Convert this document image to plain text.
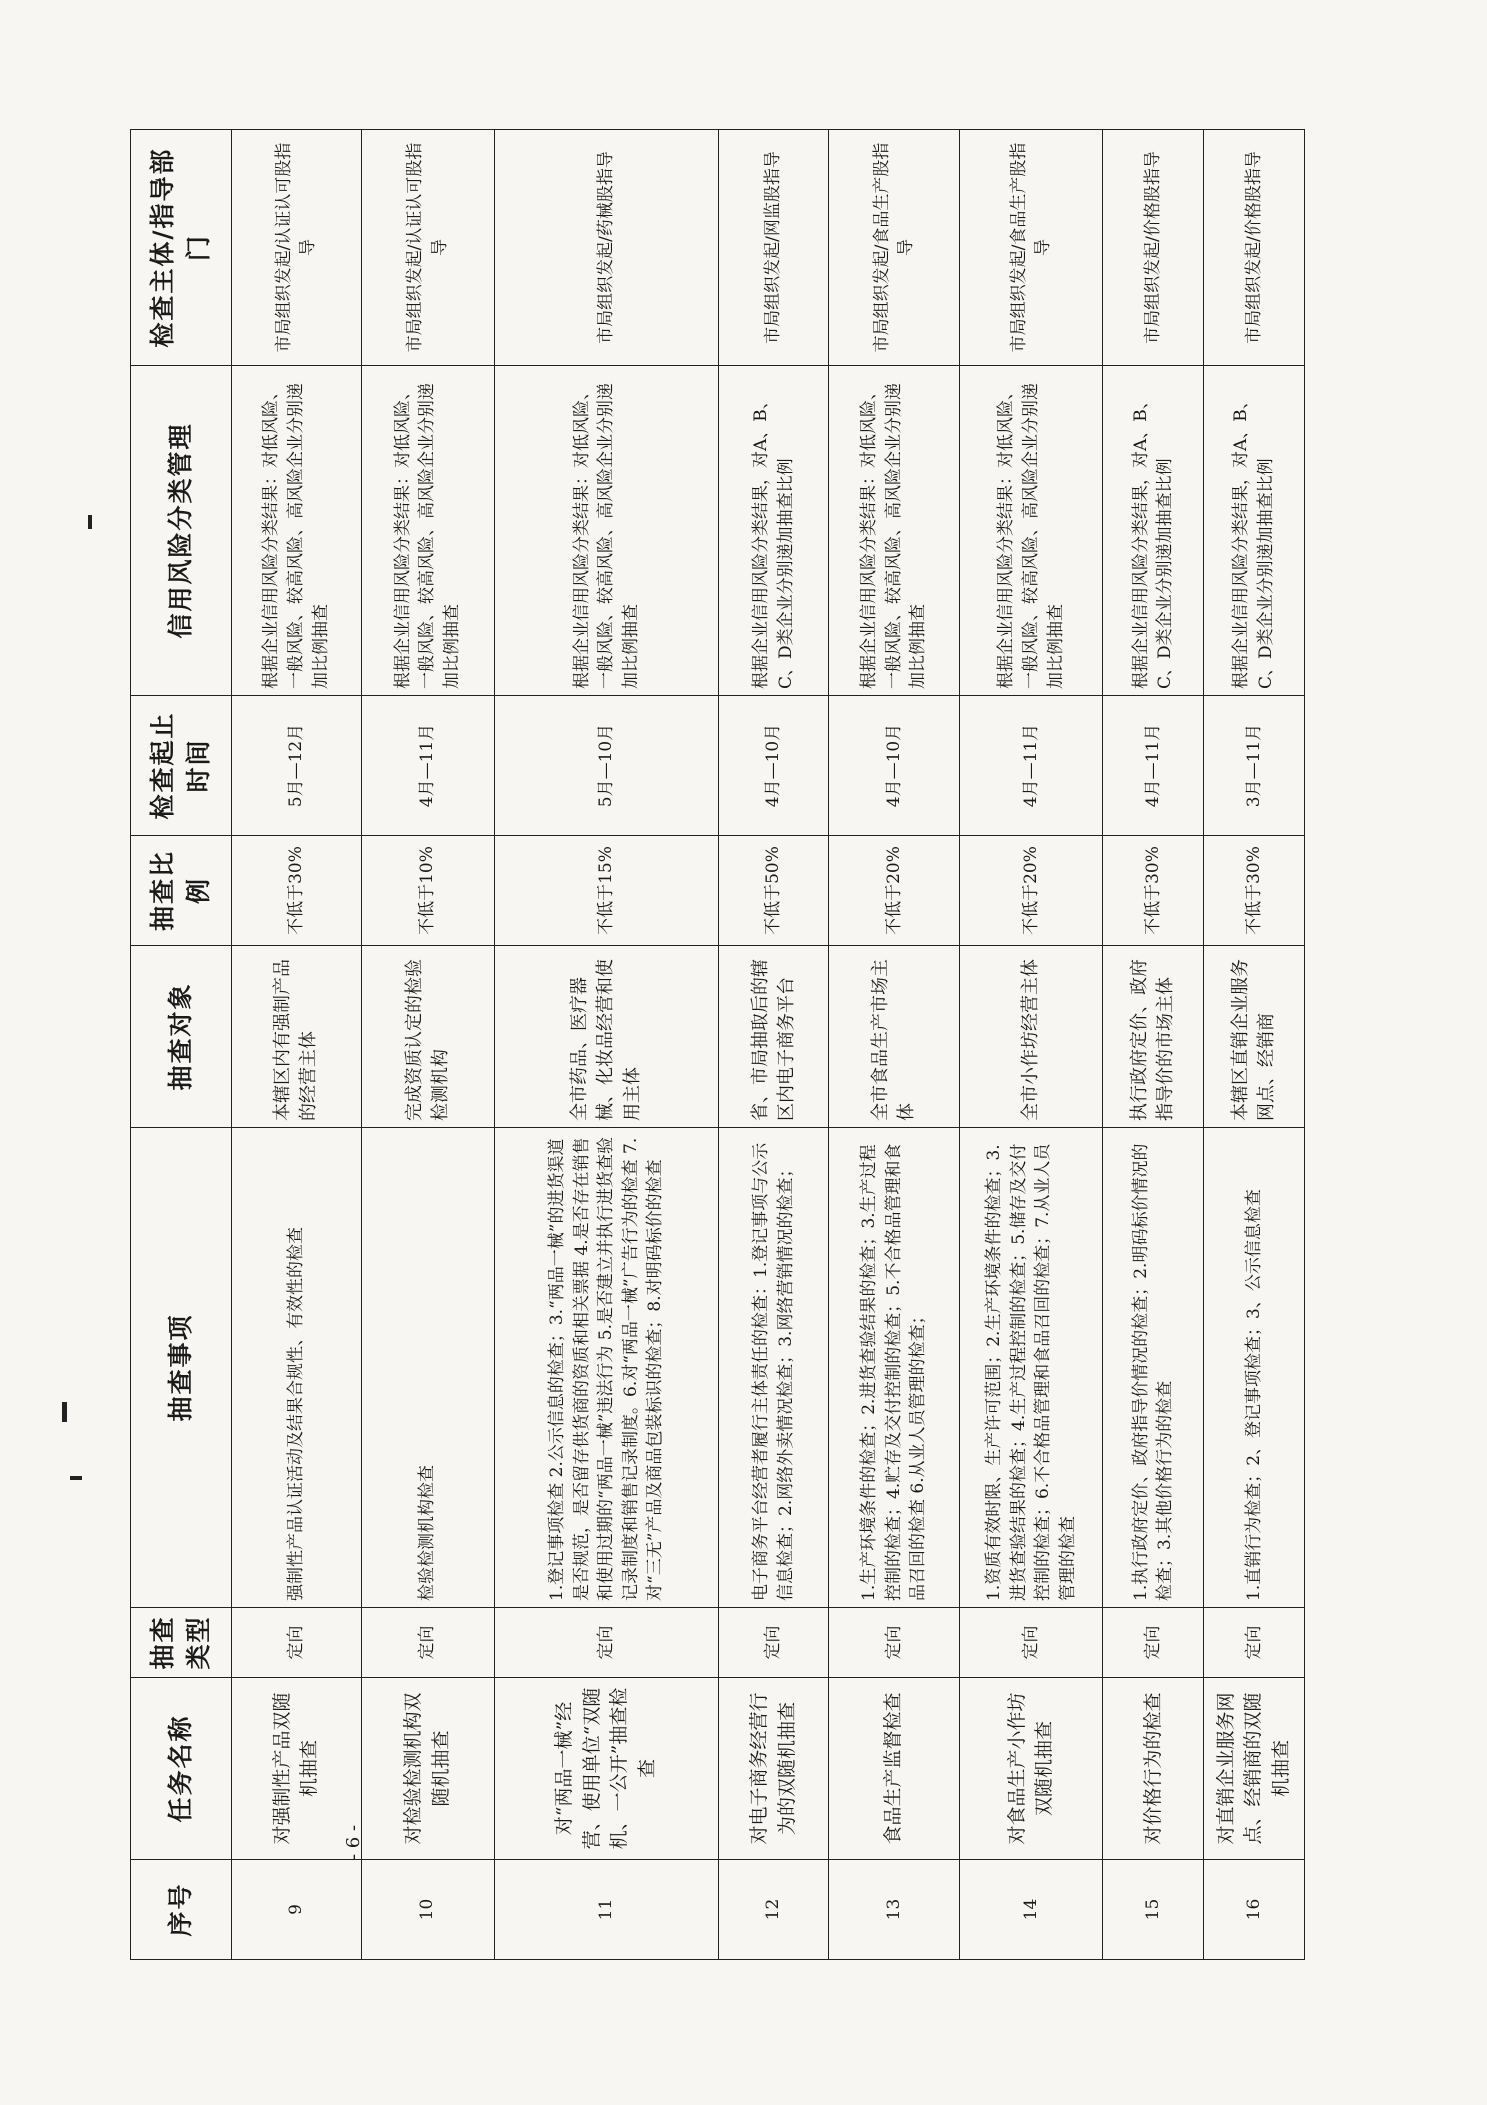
序号	任务名称	抽查类型	抽查事项	抽查对象	抽查比例	检查起止时间	信用风险分类管理	检查主体/指导部门
9	对强制性产品双随机抽查	定向	强制性产品认证活动及结果合规性、有效性的检查	本辖区内有强制产品的经营主体	不低于30%	5月—12月	根据企业信用风险分类结果：对低风险、一般风险、较高风险、高风险企业分别递加比例抽查	市局组织发起/认证认可股指导
10	对检验检测机构双随机抽查	定向	检验检测机构检查	完成资质认定的检验检测机构	不低于10%	4月—11月	根据企业信用风险分类结果：对低风险、一般风险、较高风险、高风险企业分别递加比例抽查	市局组织发起/认证认可股指导
11	对“两品一械”经营、使用单位“双随机、一公开”抽查检查	定向	1.登记事项检查 2.公示信息的检查；3.“两品一械”的进货渠道是否规范，是否留存供货商的资质和相关票据 4.是否存在销售和使用过期的“两品一械”违法行为 5.是否建立并执行进货查验记录制度和销售记录制度。6.对“两品一械”广告行为的检查 7.对“三无”产品及商品包装标识的检查；8.对明码标价的检查	全市药品、医疗器械、化妆品经营和使用主体	不低于15%	5月—10月	根据企业信用风险分类结果：对低风险、一般风险、较高风险、高风险企业分别递加比例抽查	市局组织发起/药械股指导
12	对电子商务经营行为的双随机抽查	定向	电子商务平台经营者履行主体责任的检查：1.登记事项与公示信息检查；2.网络外卖情况检查；3.网络营销情况的检查；	省、市局抽取后的辖区内电子商务平台	不低于50%	4月—10月	根据企业信用风险分类结果，对A、B、C、D类企业分别递加抽查比例	市局组织发起/网监股指导
13	食品生产监督检查	定向	1.生产环境条件的检查；2.进货查验结果的检查；3.生产过程控制的检查；4.贮存及交付控制的检查；5.不合格品管理和食品召回的检查 6.从业人员管理的检查；	全市食品生产市场主体	不低于20%	4月—10月	根据企业信用风险分类结果：对低风险、一般风险、较高风险、高风险企业分别递加比例抽查	市局组织发起/食品生产股指导
14	对食品生产小作坊双随机抽查	定向	1.资质有效时限、生产许可范围；2.生产环境条件的检查；3.进货查验结果的检查；4.生产过程控制的检查；5.储存及交付控制的检查；6.不合格品管理和食品召回的检查；7.从业人员管理的检查	全市小作坊经营主体	不低于20%	4月—11月	根据企业信用风险分类结果：对低风险、一般风险、较高风险、高风险企业分别递加比例抽查	市局组织发起/食品生产股指导
15	对价格行为的检查	定向	1.执行政府定价、政府指导价情况的检查；2.明码标价情况的检查；3.其他价格行为的检查	执行政府定价、政府指导价的市场主体	不低于30%	4月—11月	根据企业信用风险分类结果，对A、B、C、D类企业分别递加抽查比例	市局组织发起/价格股指导
16	对直销企业服务网点、经销商的双随机抽查	定向	1.直销行为检查；2、登记事项检查；3、公示信息检查	本辖区直销企业服务网点、经销商	不低于30%	3月—11月	根据企业信用风险分类结果，对A、B、C、D类企业分别递加抽查比例	市局组织发起/价格股指导
- 6 -
